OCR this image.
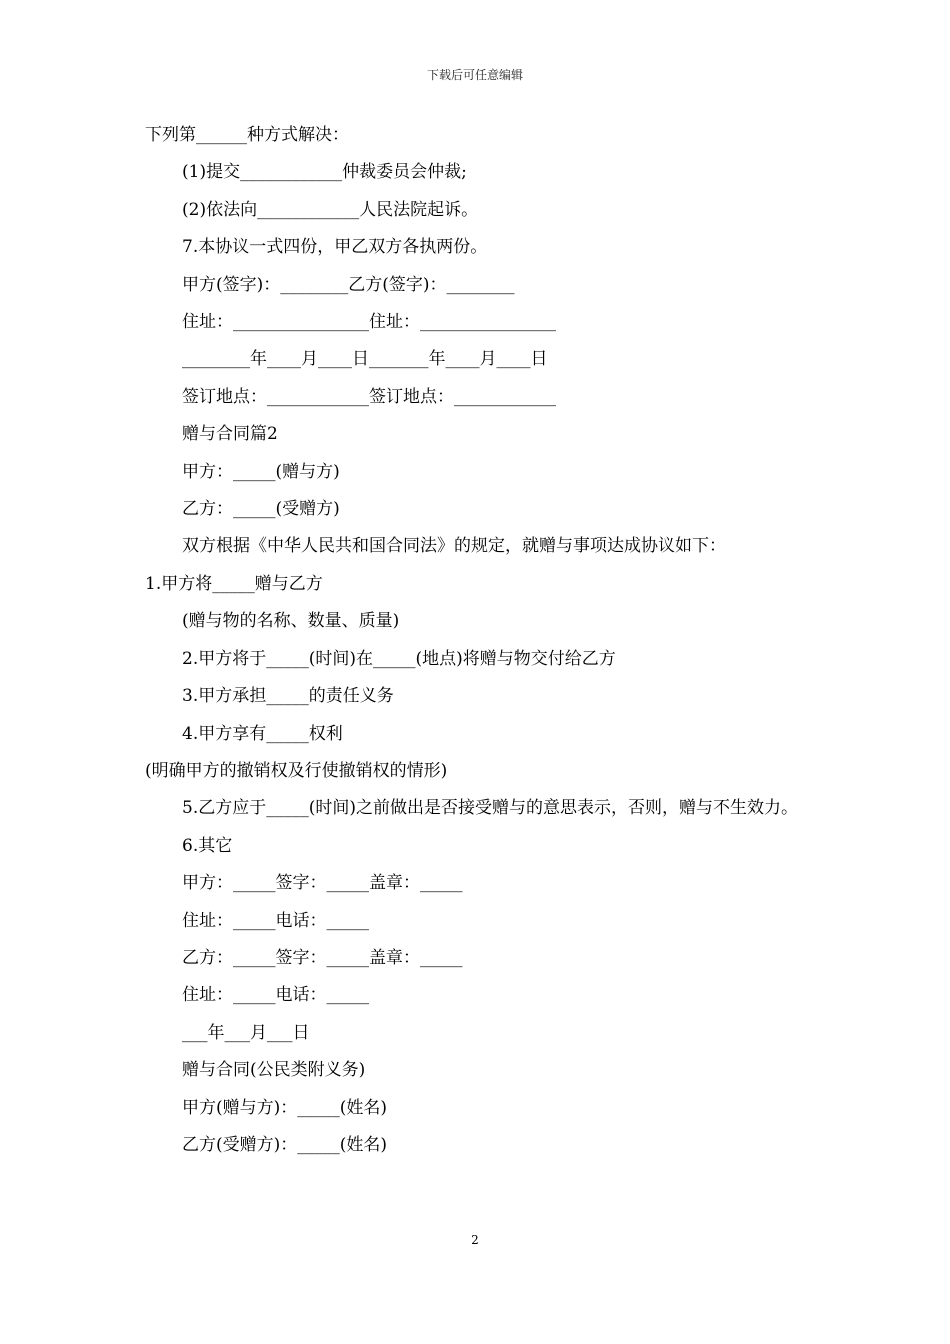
下载后可任意编辑

下列第______种方式解决：

(1)提交____________仲裁委员会仲裁;

(2)依法向____________人民法院起诉。

7.本协议一式四份，甲乙双方各执两份。

甲方(签字)：________乙方(签字)：________

住址：________________住址：________________

________年____月____日_______年____月____日

签订地点：____________签订地点：____________

赠与合同篇2

甲方：_____(赠与方)

乙方：_____(受赠方)

双方根据《中华人民共和国合同法》的规定，就赠与事项达成协议如下：

1.甲方将_____赠与乙方

(赠与物的名称、数量、质量)

2.甲方将于_____(时间)在_____(地点)将赠与物交付给乙方

3.甲方承担_____的责任义务

4.甲方享有_____权利

(明确甲方的撤销权及行使撤销权的情形)

5.乙方应于_____(时间)之前做出是否接受赠与的意思表示，否则，赠与不生效力。

6.其它

甲方：_____签字：_____盖章：_____

住址：_____电话：_____

乙方：_____签字：_____盖章：_____

住址：_____电话：_____

___年___月___日

赠与合同(公民类附义务)

甲方(赠与方)：_____(姓名)

乙方(受赠方)：_____(姓名)

2
